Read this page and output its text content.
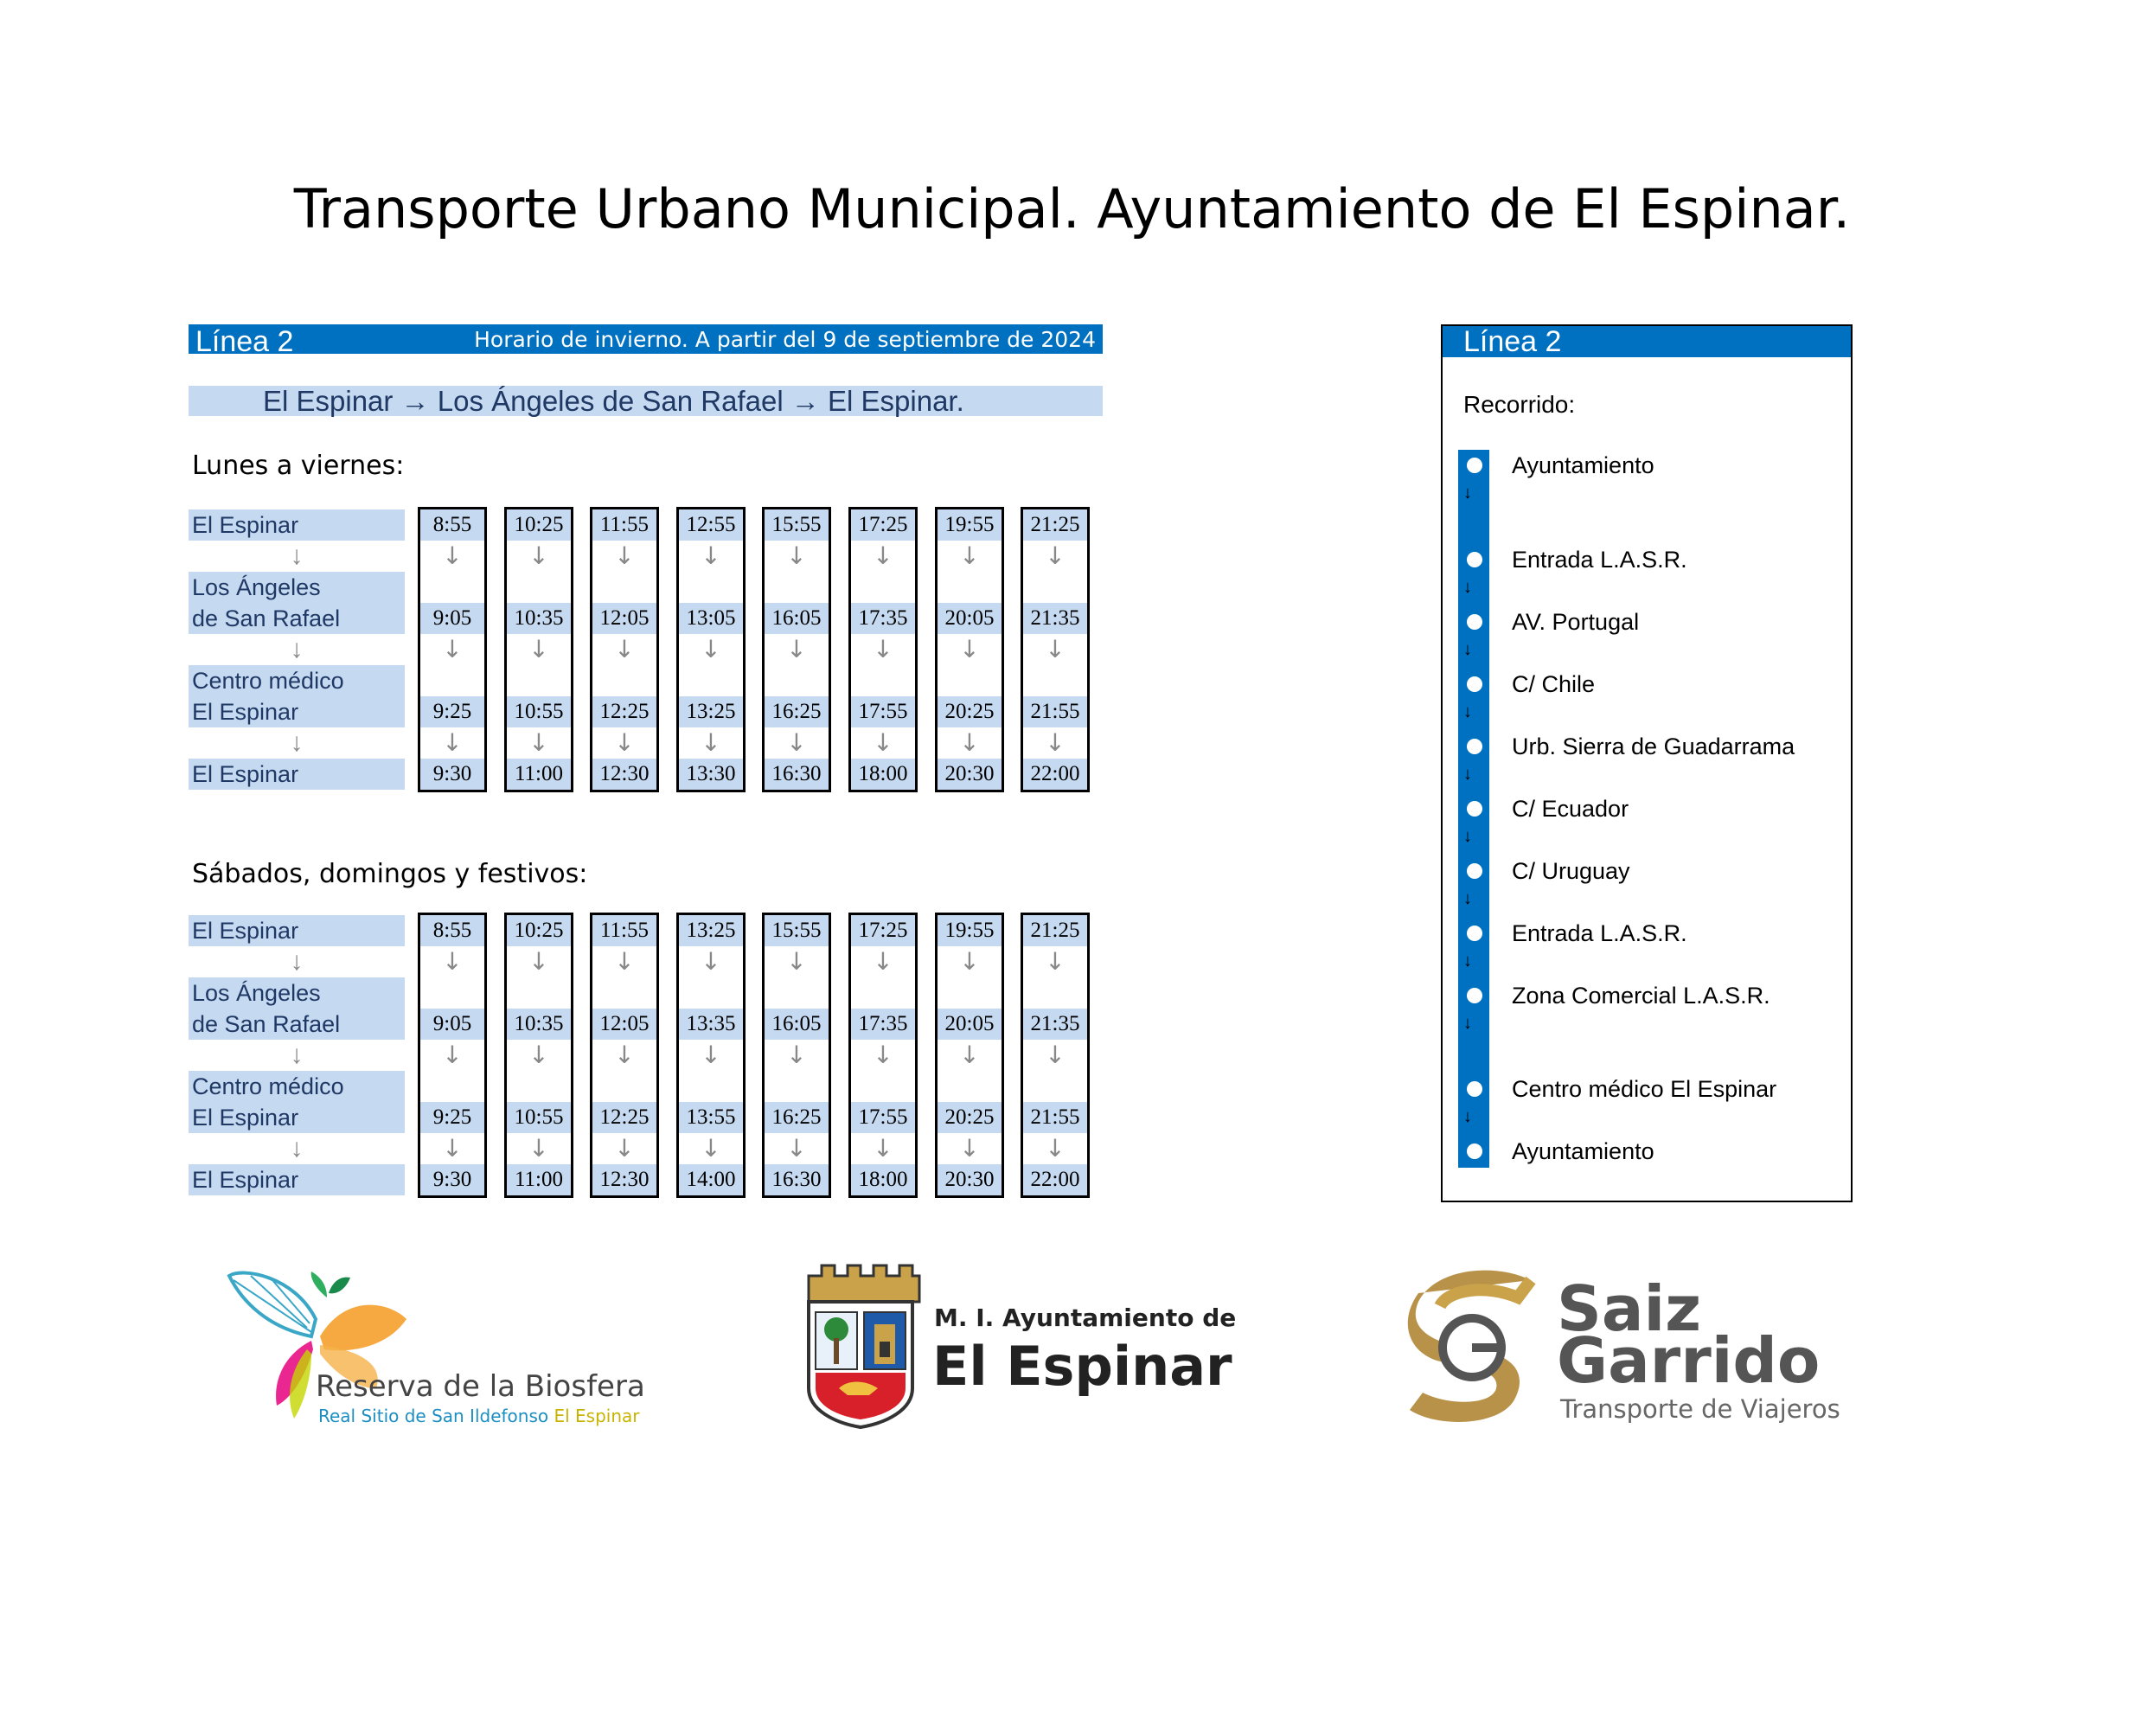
Transporte Urbano Municipal. Ayuntamiento de El Espinar.
Línea 2	Horario de invierno. A partir del 9 de septiembre de 2024
El Espinar → Los Ángeles de San Rafael → El Espinar.
Lunes a viernes:
Sábados, domingos y festivos:
El Espinar
Los Ángeles
de San Rafael
Centro médico
El Espinar
El Espinar
↓
↓
↓
8:55
9:05
9:25
9:30
↓
↓
↓
10:25
10:35
10:55
11:00
↓
↓
↓
11:55
12:05
12:25
12:30
↓
↓
↓
12:55
13:05
13:25
13:30
↓
↓
↓
15:55
16:05
16:25
16:30
↓
↓
↓
17:25
17:35
17:55
18:00
↓
↓
↓
19:55
20:05
20:25
20:30
↓
↓
↓
21:25
21:35
21:55
22:00
↓
↓
↓
El Espinar
Los Ángeles
de San Rafael
Centro médico
El Espinar
El Espinar
↓
↓
↓
8:55
9:05
9:25
9:30
↓
↓
↓
10:25
10:35
10:55
11:00
↓
↓
↓
11:55
12:05
12:25
12:30
↓
↓
↓
13:25
13:35
13:55
14:00
↓
↓
↓
15:55
16:05
16:25
16:30
↓
↓
↓
17:25
17:35
17:55
18:00
↓
↓
↓
19:55
20:05
20:25
20:30
↓
↓
↓
21:25
21:35
21:55
22:00
↓
↓
↓
Línea 2
Recorrido:
Ayuntamiento
↓
Entrada L.A.S.R.
↓
AV. Portugal
↓
C/ Chile
↓
Urb. Sierra de Guadarrama
↓
C/ Ecuador
↓
C/ Uruguay
↓
Entrada L.A.S.R.
↓
Zona Comercial L.A.S.R.
↓
Centro médico El Espinar
↓
Ayuntamiento
Reserva de la Biosfera
Real Sitio de San Ildefonso El Espinar
M. I. Ayuntamiento de
El Espinar
Saiz
Garrido
Transporte de Viajeros
